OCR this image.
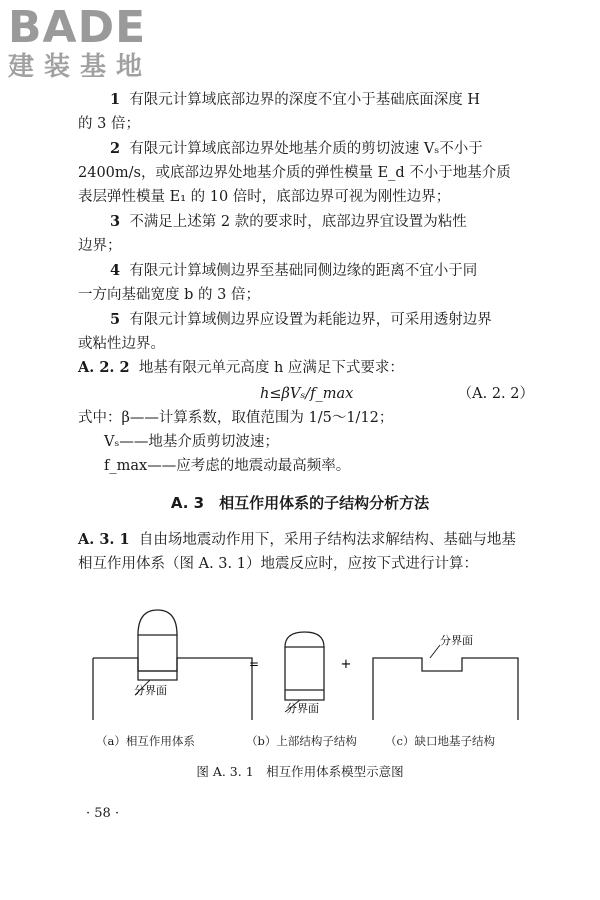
BADE
建装基地
1 有限元计算域底部边界的深度不宜小于基础底面深度 H
的 3 倍；
2 有限元计算域底部边界处地基介质的剪切波速 Vₛ不小于
2400m/s，或底部边界处地基介质的弹性模量 E_d 不小于地基介质
表层弹性模量 E₁ 的 10 倍时，底部边界可视为刚性边界；
3 不满足上述第 2 款的要求时，底部边界宜设置为粘性
边界；
4 有限元计算域侧边界至基础同侧边缘的距离不宜小于同
一方向基础宽度 b 的 3 倍；
5 有限元计算域侧边界应设置为耗能边界，可采用透射边界
或粘性边界。
A. 2. 2 地基有限元单元高度 h 应满足下式要求：
h≤βVₛ/f_max	（A. 2. 2）
式中：β——计算系数，取值范围为 1/5～1/12；
Vₛ——地基介质剪切波速；
f_max——应考虑的地震动最高频率。
A. 3　相互作用体系的子结构分析方法
A. 3. 1 自由场地震动作用下，采用子结构法求解结构、基础与地基
相互作用体系（图 A. 3. 1）地震反应时，应按下式进行计算：
=	+
分界面
分界面
分界面
（a）相互作用体系	（b）上部结构子结构 （c）缺口地基子结构
图 A. 3. 1　相互作用体系模型示意图
· 58 ·
